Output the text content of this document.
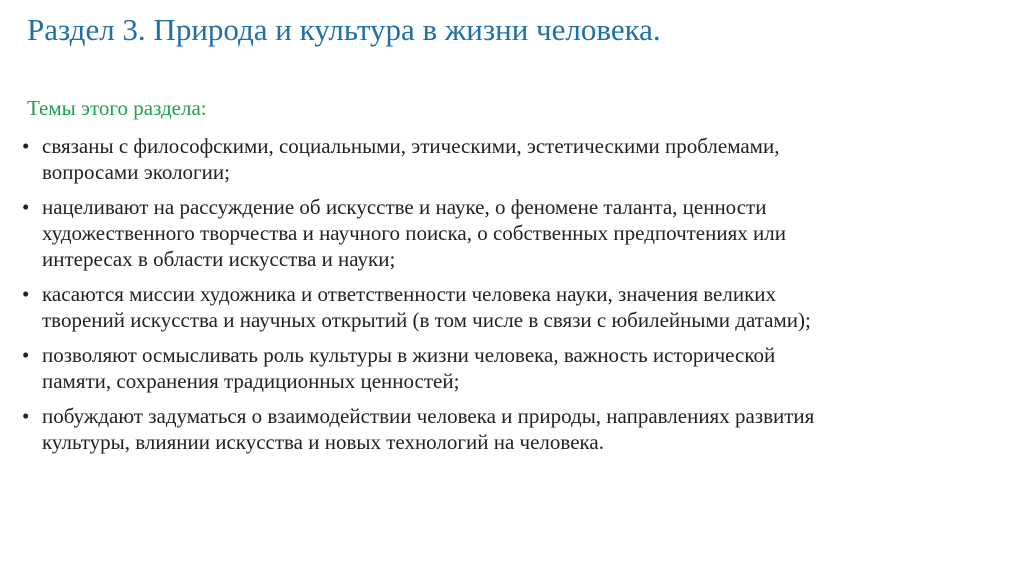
Раздел 3. Природа и культура в жизни человека.
Темы этого раздела:
• связаны с философскими, социальными, этическими, эстетическими проблемами,
вопросами экологии;
• нацеливают на рассуждение об искусстве и науке, о феномене таланта, ценности
художественного творчества и научного поиска, о собственных предпочтениях или
интересах в области искусства и науки;
• касаются миссии художника и ответственности человека науки, значения великих
творений искусства и научных открытий (в том числе в связи с юбилейными датами);
• позволяют осмысливать роль культуры в жизни человека, важность исторической
памяти, сохранения традиционных ценностей;
• побуждают задуматься о взаимодействии человека и природы, направлениях развития
культуры, влиянии искусства и новых технологий на человека.
